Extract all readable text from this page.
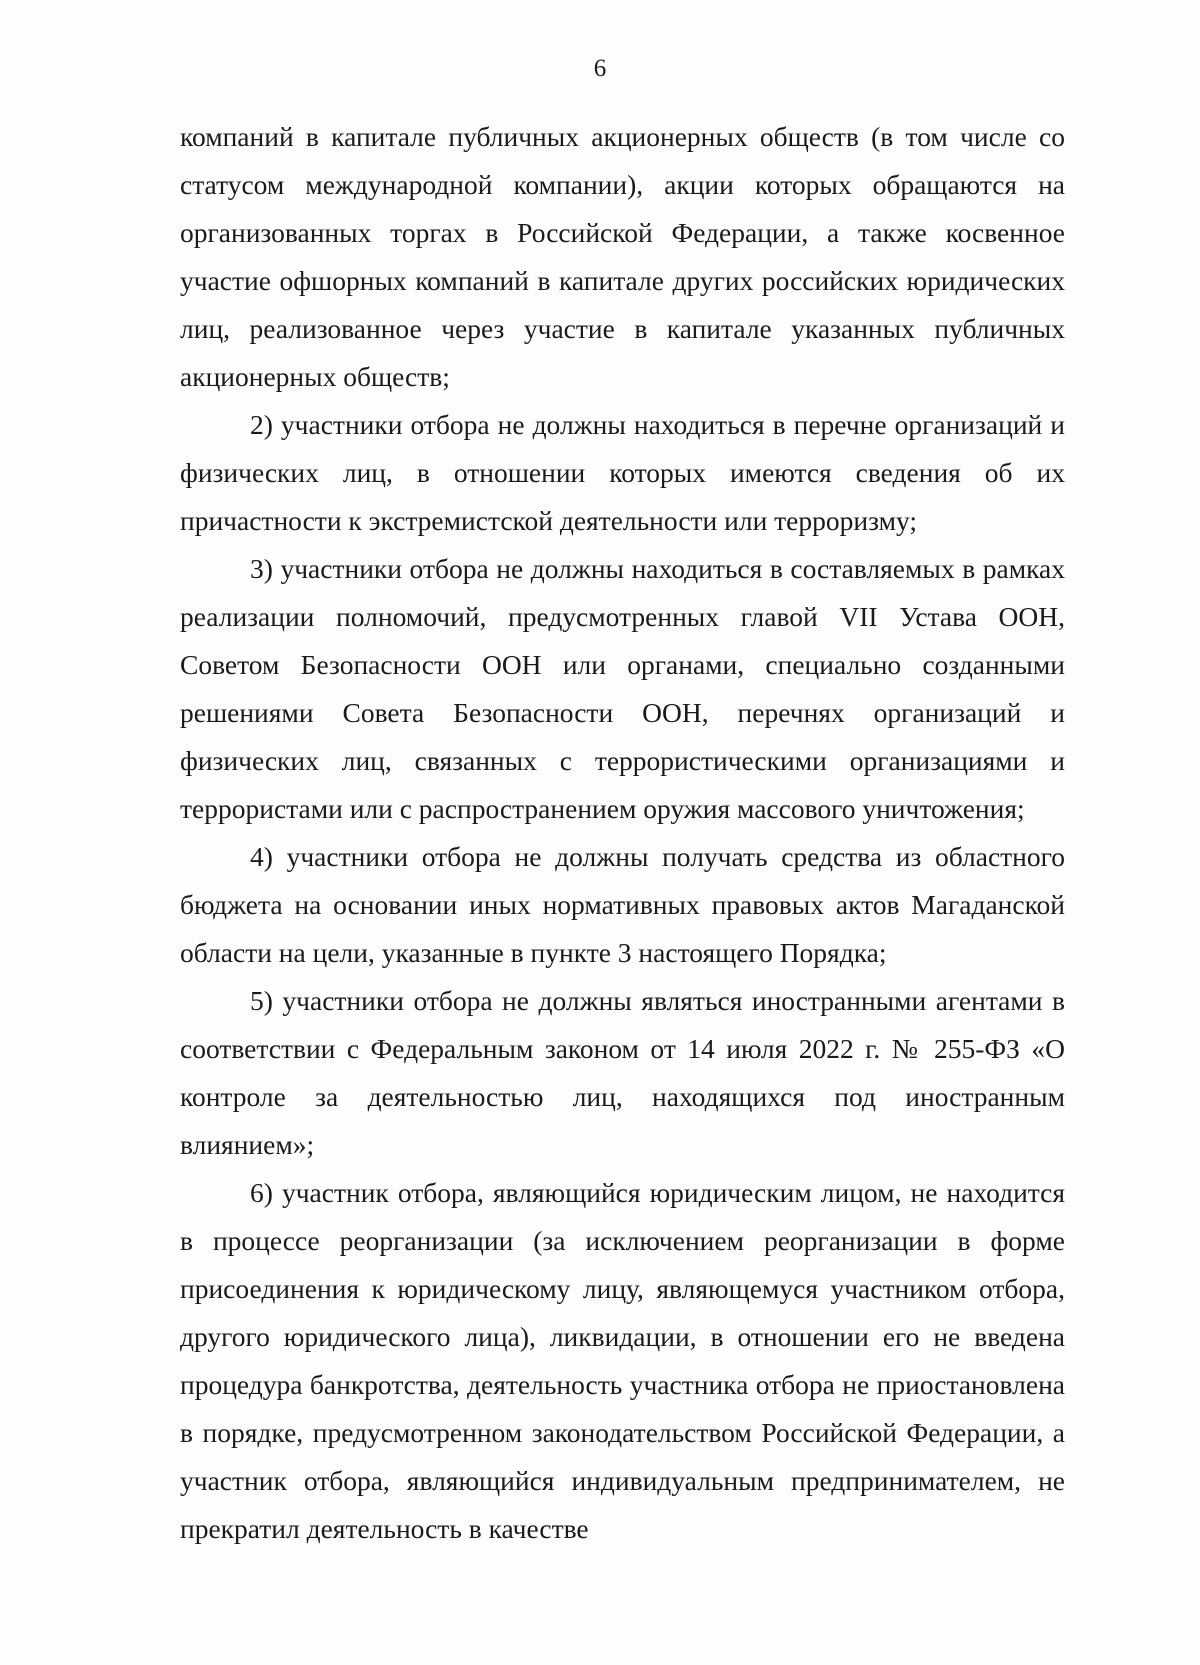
6

компаний в капитале публичных акционерных обществ (в том числе со статусом международной компании), акции которых обращаются на организованных торгах в Российской Федерации, а также косвенное участие офшорных компаний в капитале других российских юридических лиц, реализованное через участие в капитале указанных публичных акционерных обществ;

2) участники отбора не должны находиться в перечне организаций и физических лиц, в отношении которых имеются сведения об их причастности к экстремистской деятельности или терроризму;

3) участники отбора не должны находиться в составляемых в рамках реализации полномочий, предусмотренных главой VII Устава ООН, Советом Безопасности ООН или органами, специально созданными решениями Совета Безопасности ООН, перечнях организаций и физических лиц, связанных с террористическими организациями и террористами или с распространением оружия массового уничтожения;

4) участники отбора не должны получать средства из областного бюджета на основании иных нормативных правовых актов Магаданской области на цели, указанные в пункте 3 настоящего Порядка;

5) участники отбора не должны являться иностранными агентами в соответствии с Федеральным законом от 14 июля 2022 г. № 255-ФЗ «О контроле за деятельностью лиц, находящихся под иностранным влиянием»;

6) участник отбора, являющийся юридическим лицом, не находится в процессе реорганизации (за исключением реорганизации в форме присоединения к юридическому лицу, являющемуся участником отбора, другого юридического лица), ликвидации, в отношении его не введена процедура банкротства, деятельность участника отбора не приостановлена в порядке, предусмотренном законодательством Российской Федерации, а участник отбора, являющийся индивидуальным предпринимателем, не прекратил деятельность в качестве
